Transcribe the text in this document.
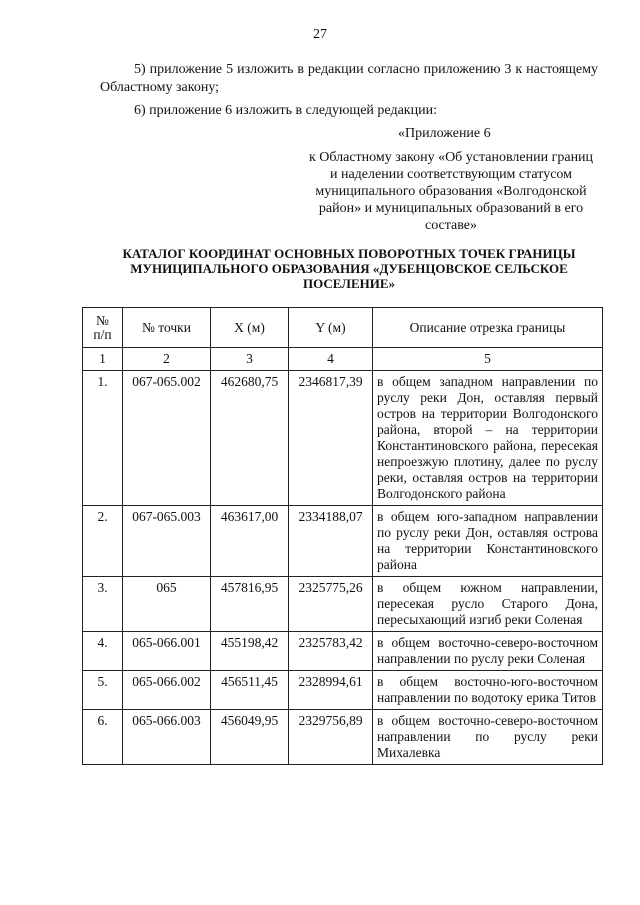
27
5) приложение 5 изложить в редакции согласно приложению 3 к настоящему Областному закону;
6) приложение 6 изложить в следующей редакции:
«Приложение 6
к Областному закону «Об установлении границ и наделении соответствующим статусом муниципального образования «Волгодонской район» и муниципальных образований в его составе»
КАТАЛОГ КООРДИНАТ ОСНОВНЫХ ПОВОРОТНЫХ ТОЧЕК ГРАНИЦЫ МУНИЦИПАЛЬНОГО ОБРАЗОВАНИЯ «ДУБЕНЦОВСКОЕ СЕЛЬСКОЕ ПОСЕЛЕНИЕ»
№
п/п	№ точки	X (м)	Y (м)	Описание отрезка границы
1	2	3	4	5
1.	067-065.002	462680,75	2346817,39	в общем западном направлении по руслу реки Дон, оставляя первый остров на территории Волгодонского района, второй – на территории Константиновского района, пересекая непроезжую плотину, далее по руслу реки, оставляя остров на территории Волгодонского района
2.	067-065.003	463617,00	2334188,07	в общем юго-западном направлении по руслу реки Дон, оставляя острова на территории Константиновского района
3.	065	457816,95	2325775,26	в общем южном направлении, пересекая русло Старого Дона, пересыхающий изгиб реки Соленая
4.	065-066.001	455198,42	2325783,42	в общем восточно-северо-восточном направлении по руслу реки Соленая
5.	065-066.002	456511,45	2328994,61	в общем восточно-юго-восточном направлении по водотоку ерика Титов
6.	065-066.003	456049,95	2329756,89	в общем восточно-северо-восточном направлении по руслу реки Михалевка
